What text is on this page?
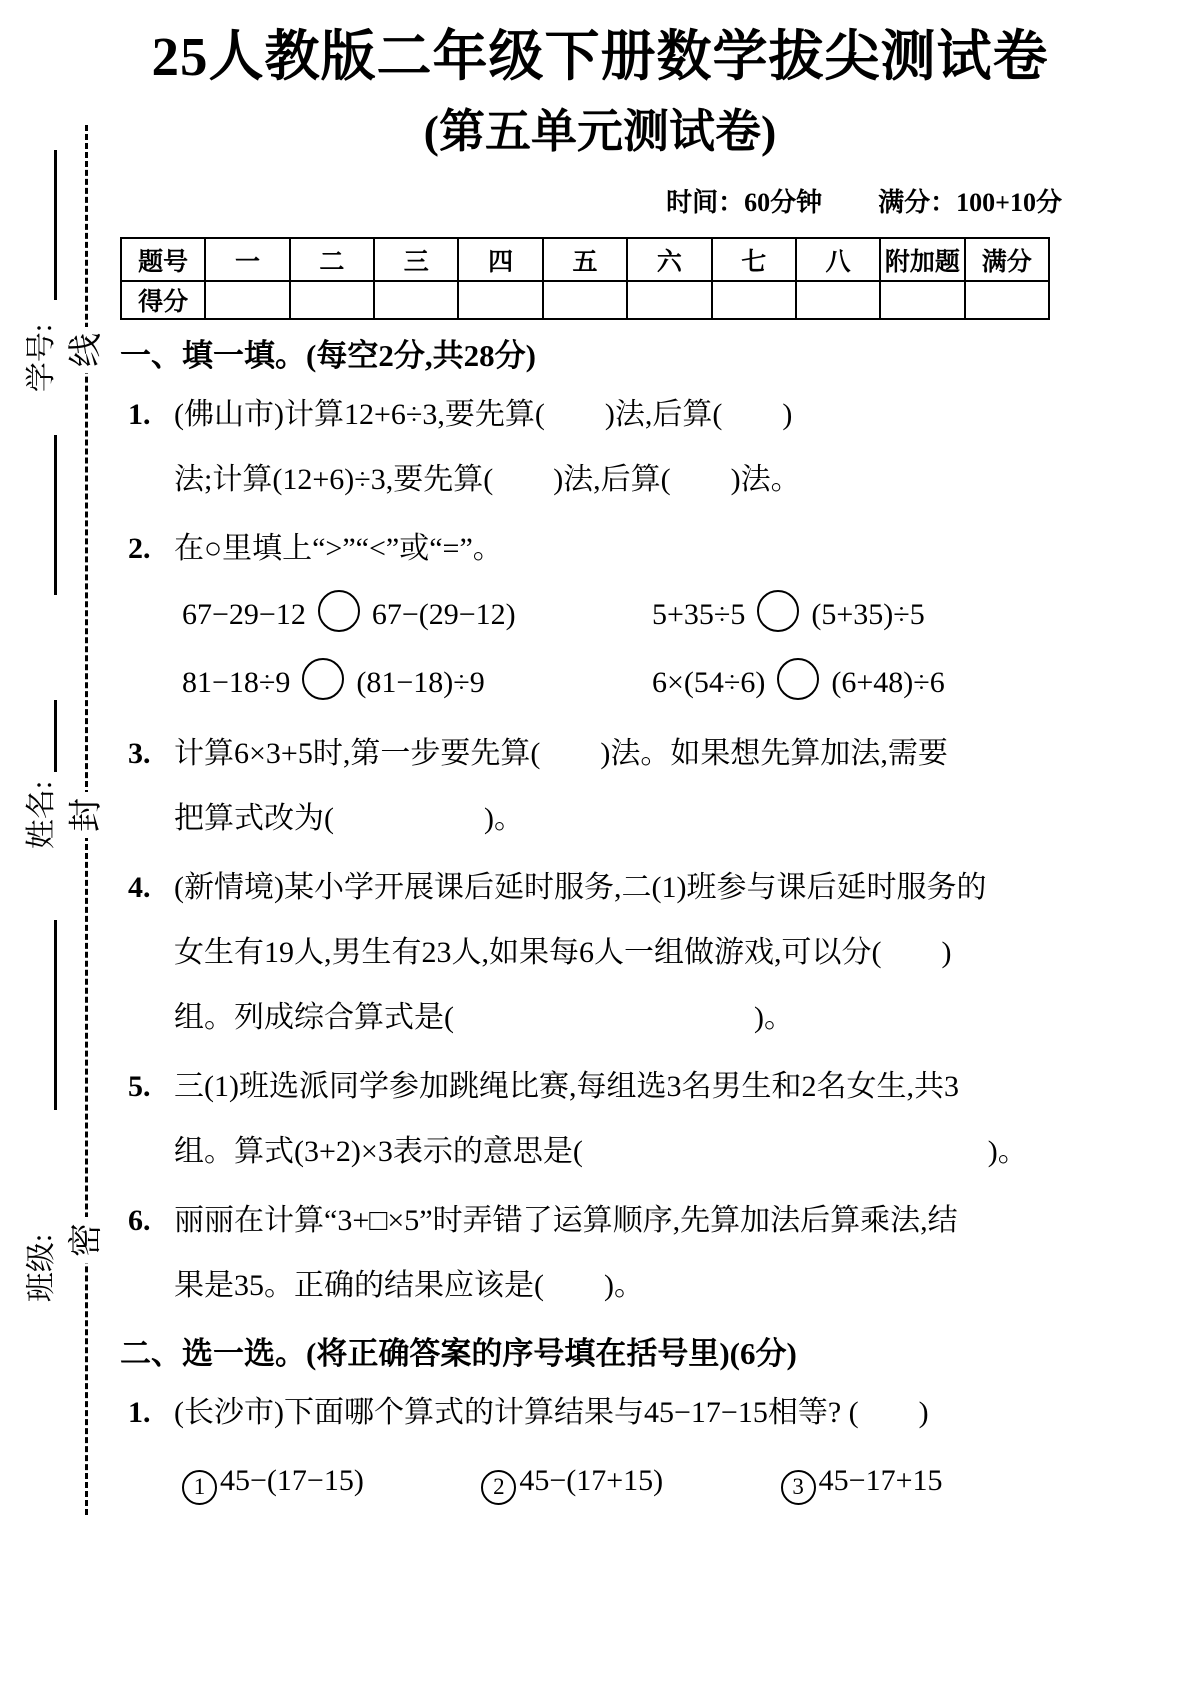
学号:
姓名:
班级:
线
封
密
25人教版二年级下册数学拔尖测试卷
(第五单元测试卷)
时间：60分钟 满分：100+10分
题号	一	二	三	四	五	六	七	八	附加题	满分
得分										
一、填一填。(每空2分,共28分)
1. (佛山市)计算12+6÷3,要先算(        )法,后算(        )
法;计算(12+6)÷3,要先算(        )法,后算(        )法。
2. 在○里填上“>”“<”或“=”。
67−29−12 67−(29−12)	5+35÷5 (5+35)÷5
81−18÷9 (81−18)÷9	6×(54÷6) (6+48)÷6
3. 计算6×3+5时,第一步要先算(        )法。如果想先算加法,需要
把算式改为(                    )。
4. (新情境)某小学开展课后延时服务,二(1)班参与课后延时服务的
女生有19人,男生有23人,如果每6人一组做游戏,可以分(        )
组。列成综合算式是(                                        )。
5. 三(1)班选派同学参加跳绳比赛,每组选3名男生和2名女生,共3
组。算式(3+2)×3表示的意思是(                                                      )。
6. 丽丽在计算“3+□×5”时弄错了运算顺序,先算加法后算乘法,结
果是35。正确的结果应该是(        )。
二、选一选。(将正确答案的序号填在括号里)(6分)
1. (长沙市)下面哪个算式的计算结果与45−17−15相等? (        )
1 45−(17−15)	2 45−(17+15)	3 45−17+15
